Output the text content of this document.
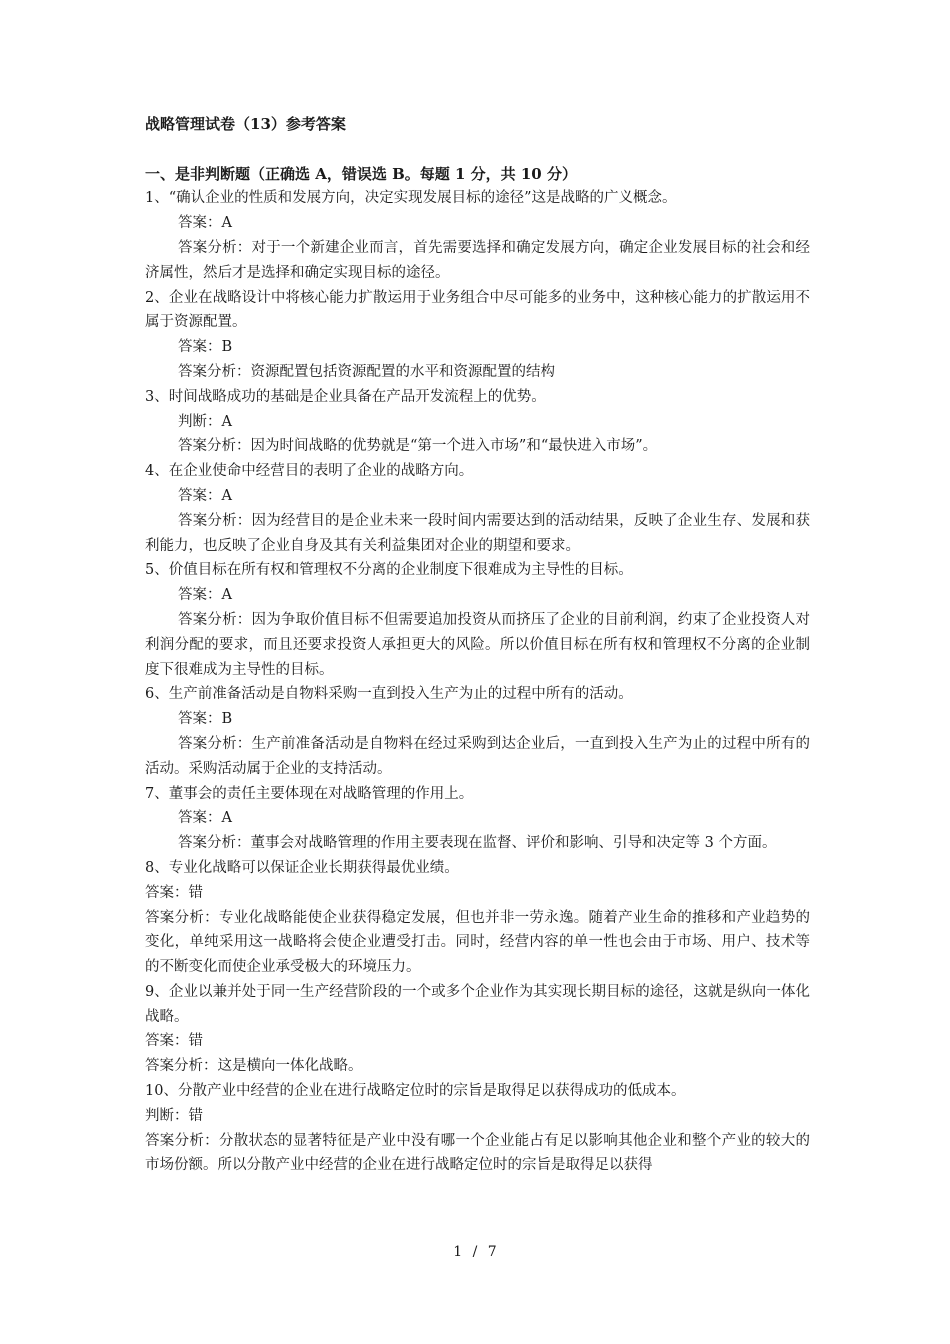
战略管理试卷（13）参考答案

一、是非判断题（正确选 A，错误选 B。每题 1 分，共 10 分）

1、“确认企业的性质和发展方向，决定实现发展目标的途径”这是战略的广义概念。

答案：A

答案分析：对于一个新建企业而言，首先需要选择和确定发展方向，确定企业发展目标的社会和经济属性，然后才是选择和确定实现目标的途径。

2、企业在战略设计中将核心能力扩散运用于业务组合中尽可能多的业务中，这种核心能力的扩散运用不属于资源配置。

答案：B

答案分析：资源配置包括资源配置的水平和资源配置的结构

3、时间战略成功的基础是企业具备在产品开发流程上的优势。

判断：A

答案分析：因为时间战略的优势就是“第一个进入市场”和“最快进入市场”。

4、在企业使命中经营目的表明了企业的战略方向。

答案：A

答案分析：因为经营目的是企业未来一段时间内需要达到的活动结果，反映了企业生存、发展和获利能力，也反映了企业自身及其有关利益集团对企业的期望和要求。

5、价值目标在所有权和管理权不分离的企业制度下很难成为主导性的目标。

答案：A

答案分析：因为争取价值目标不但需要追加投资从而挤压了企业的目前利润，约束了企业投资人对利润分配的要求，而且还要求投资人承担更大的风险。所以价值目标在所有权和管理权不分离的企业制度下很难成为主导性的目标。

6、生产前准备活动是自物料采购一直到投入生产为止的过程中所有的活动。

答案：B

答案分析：生产前准备活动是自物料在经过采购到达企业后，一直到投入生产为止的过程中所有的活动。采购活动属于企业的支持活动。

7、董事会的责任主要体现在对战略管理的作用上。

答案：A

答案分析：董事会对战略管理的作用主要表现在监督、评价和影响、引导和决定等 3 个方面。

8、专业化战略可以保证企业长期获得最优业绩。

答案：错

答案分析：专业化战略能使企业获得稳定发展，但也并非一劳永逸。随着产业生命的推移和产业趋势的变化，单纯采用这一战略将会使企业遭受打击。同时，经营内容的单一性也会由于市场、用户、技术等的不断变化而使企业承受极大的环境压力。

9、企业以兼并处于同一生产经营阶段的一个或多个企业作为其实现长期目标的途径，这就是纵向一体化战略。

答案：错

答案分析：这是横向一体化战略。

10、分散产业中经营的企业在进行战略定位时的宗旨是取得足以获得成功的低成本。

判断：错

答案分析：分散状态的显著特征是产业中没有哪一个企业能占有足以影响其他企业和整个产业的较大的市场份额。所以分散产业中经营的企业在进行战略定位时的宗旨是取得足以获得

1 / 7
